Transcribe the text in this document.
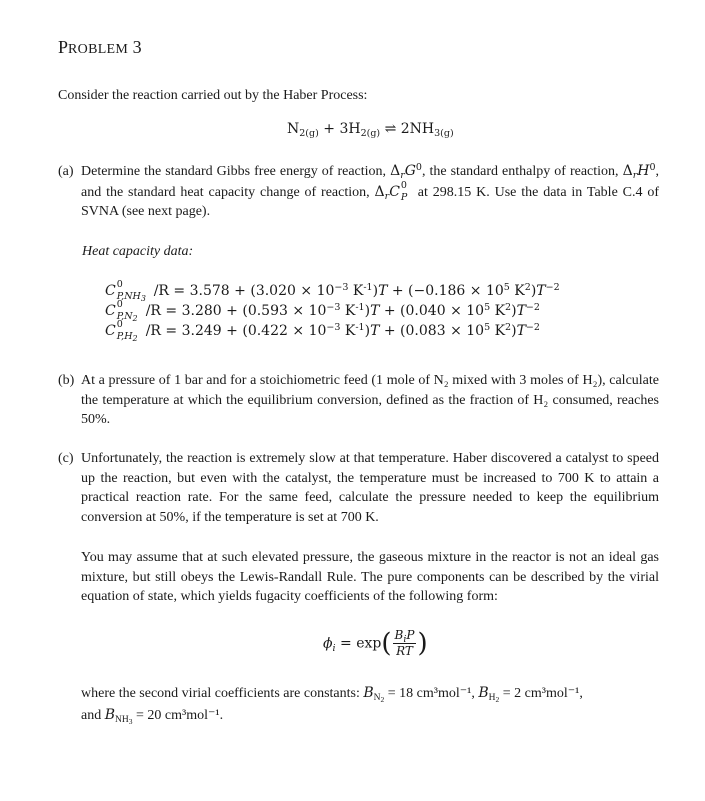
PROBLEM 3
Consider the reaction carried out by the Haber Process:
$N_{2(g)} + 3H_{2(g)}$ ⇌ $2NH_{3(g)}$
(a) Determine the standard Gibbs free energy of reaction, $\Delta_rG^0$, the standard enthalpy of reaction, $\Delta_rH^0$, and the standard heat capacity change of reaction, $\Delta_rC$ 0
P at 298.15 K. Use the data in Table C.4 of SVNA (see next page).
Heat capacity data:
C 0
$P,NH_3$ $/R = 3.578 + (3.020 \times 10^{-3}$ $K^{-1})T + (-0.186 \times 10^5$ $K^2)T^{-2}$
C 0
$P,N_2$ $/R = 3.280 + (0.593 \times 10^{-3}$ $K^{-1})T + (0.040 \times 10^5$ $K^2)T^{-2}$
C 0
$P,H_2$ $/R = 3.249 + (0.422 \times 10^{-3}$ $K^{-1})T + (0.083 \times 10^5$ $K^2)T^{-2}$
(b) At a pressure of 1 bar and for a stoichiometric feed (1 mole of N₂ mixed with 3 moles of H₂), calculate the temperature at which the equilibrium conversion, defined as the fraction of H₂ consumed, reaches 50%.
(c) Unfortunately, the reaction is extremely slow at that temperature. Haber discovered a catalyst to speed up the reaction, but even with the catalyst, the temperature must be increased to 700 K to attain a practical reaction rate. For the same feed, calculate the pressure needed to keep the equilibrium conversion at 50%, if the temperature is set at 700 K.
You may assume that at such elevated pressure, the gaseous mixture in the reactor is not an ideal gas mixture, but still obeys the Lewis-Randall Rule. The pure components can be described by the virial equation of state, which yields fugacity coefficients of the following form:
$\phi_i = \exp( \frac{B_iP}{RT}$ )
where the second virial coefficients are constants: $B_{N_2} = 18$ cm³mol⁻¹, $B_{H_2} = 2$ cm³mol⁻¹,
and $B_{NH_3} = 20$ cm³mol⁻¹.
